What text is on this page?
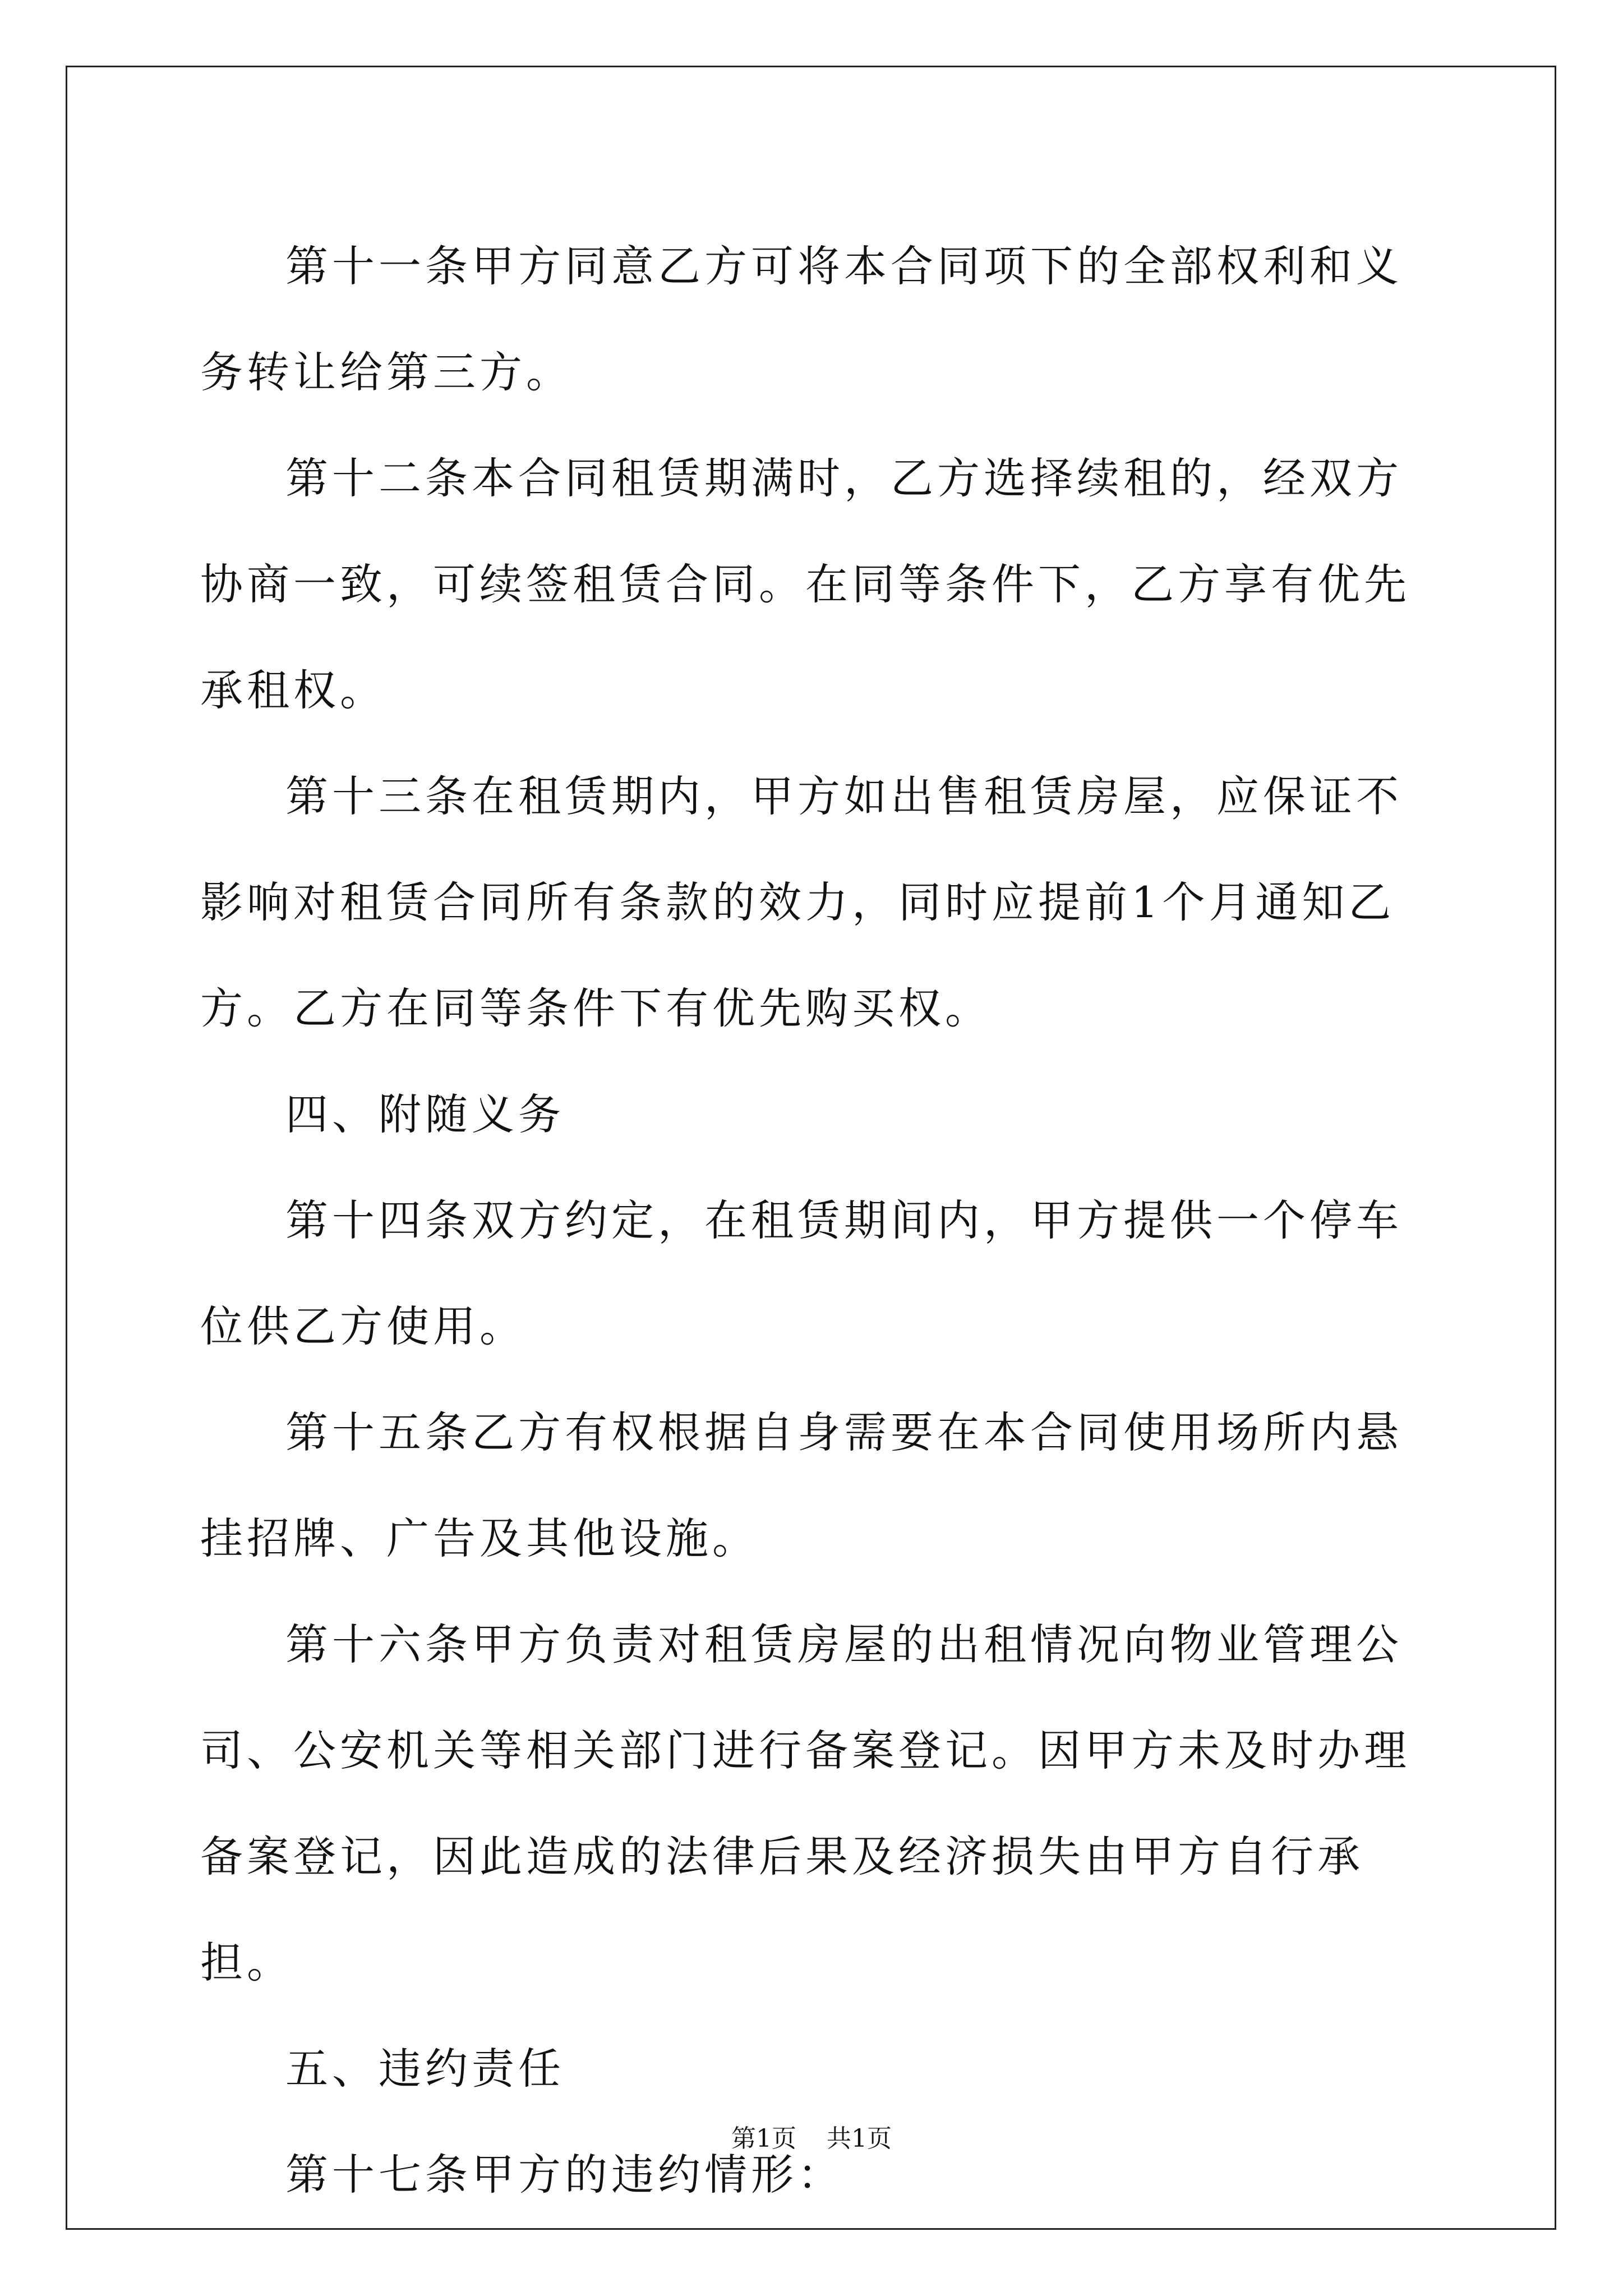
第十一条甲方同意乙方可将本合同项下的全部权利和义务转让给第三方。

第十二条本合同租赁期满时，乙方选择续租的，经双方协商一致，可续签租赁合同。在同等条件下，乙方享有优先承租权。

第十三条在租赁期内，甲方如出售租赁房屋，应保证不影响对租赁合同所有条款的效力，同时应提前1个月通知乙方。乙方在同等条件下有优先购买权。

四、附随义务

第十四条双方约定，在租赁期间内，甲方提供一个停车位供乙方使用。

第十五条乙方有权根据自身需要在本合同使用场所内悬挂招牌、广告及其他设施。

第十六条甲方负责对租赁房屋的出租情况向物业管理公司、公安机关等相关部门进行备案登记。因甲方未及时办理备案登记，因此造成的法律后果及经济损失由甲方自行承担。

五、违约责任

第十七条甲方的违约情形：

第1页 共1页
